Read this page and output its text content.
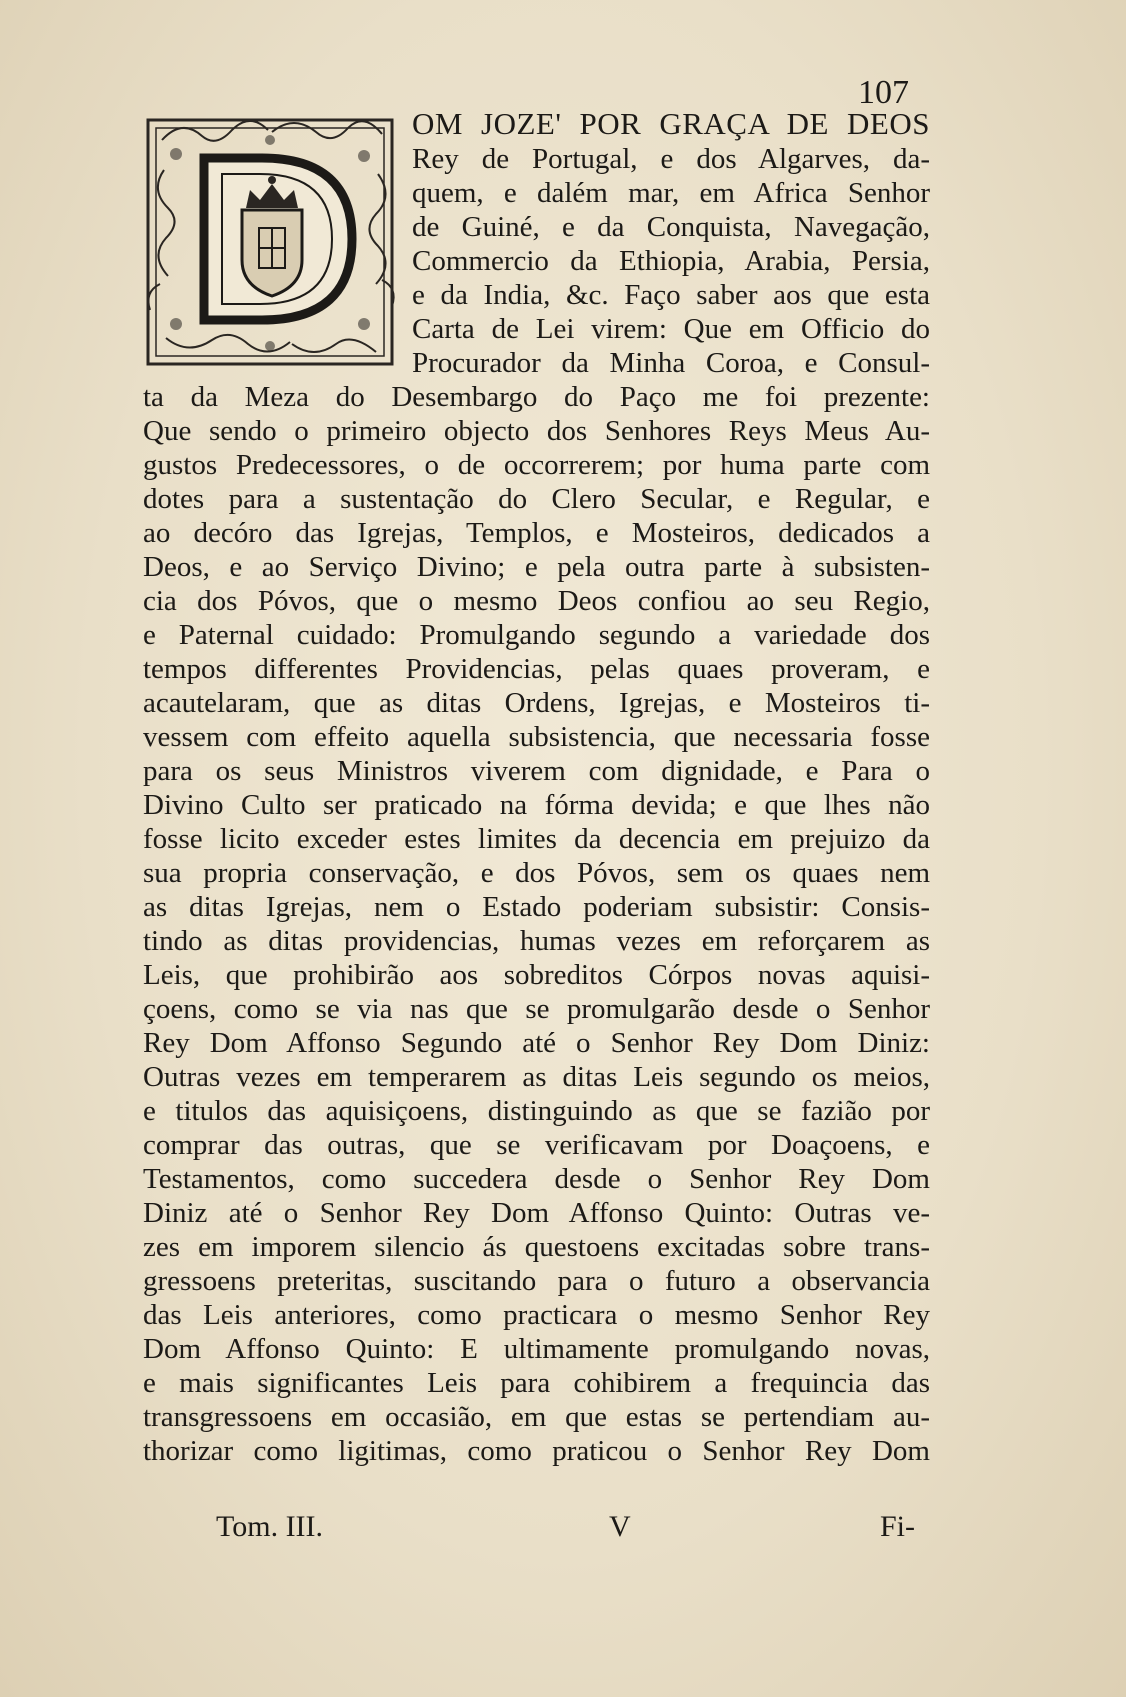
107
OM JOZE' POR GRAÇA DE DEOS
Rey de Portugal, e dos Algarves, da-
quem, e dalém mar, em Africa Senhor
de Guiné, e da Conquista, Navegação,
Commercio da Ethiopia, Arabia, Persia,
e da India, &c. Faço saber aos que esta
Carta de Lei virem: Que em Officio do
Procurador da Minha Coroa, e Consul-
ta da Meza do Desembargo do Paço me foi prezente:
Que sendo o primeiro objecto dos Senhores Reys Meus Au-
gustos Predecessores, o de occorrerem; por huma parte com
dotes para a sustentação do Clero Secular, e Regular, e
ao decóro das Igrejas, Templos, e Mosteiros, dedicados a
Deos, e ao Serviço Divino; e pela outra parte à subsisten-
cia dos Póvos, que o mesmo Deos confiou ao seu Regio,
e Paternal cuidado: Promulgando segundo a variedade dos
tempos differentes Providencias, pelas quaes proveram, e
acautelaram, que as ditas Ordens, Igrejas, e Mosteiros ti-
vessem com effeito aquella subsistencia, que necessaria fosse
para os seus Ministros viverem com dignidade, e Para o
Divino Culto ser praticado na fórma devida; e que lhes não
fosse licito exceder estes limites da decencia em prejuizo da
sua propria conservação, e dos Póvos, sem os quaes nem
as ditas Igrejas, nem o Estado poderiam subsistir: Consis-
tindo as ditas providencias, humas vezes em reforçarem as
Leis, que prohibirão aos sobreditos Córpos novas aquisi-
çoens, como se via nas que se promulgarão desde o Senhor
Rey Dom Affonso Segundo até o Senhor Rey Dom Diniz:
Outras vezes em temperarem as ditas Leis segundo os meios,
e titulos das aquisiçoens, distinguindo as que se fazião por
comprar das outras, que se verificavam por Doaçoens, e
Testamentos, como succedera desde o Senhor Rey Dom
Diniz até o Senhor Rey Dom Affonso Quinto: Outras ve-
zes em imporem silencio ás questoens excitadas sobre trans-
gressoens preteritas, suscitando para o futuro a observancia
das Leis anteriores, como practicara o mesmo Senhor Rey
Dom Affonso Quinto: E ultimamente promulgando novas,
e mais significantes Leis para cohibirem a frequincia das
transgressoens em occasião, em que estas se pertendiam au-
thorizar como ligitimas, como praticou o Senhor Rey Dom
Tom. III.	V	Fi-
